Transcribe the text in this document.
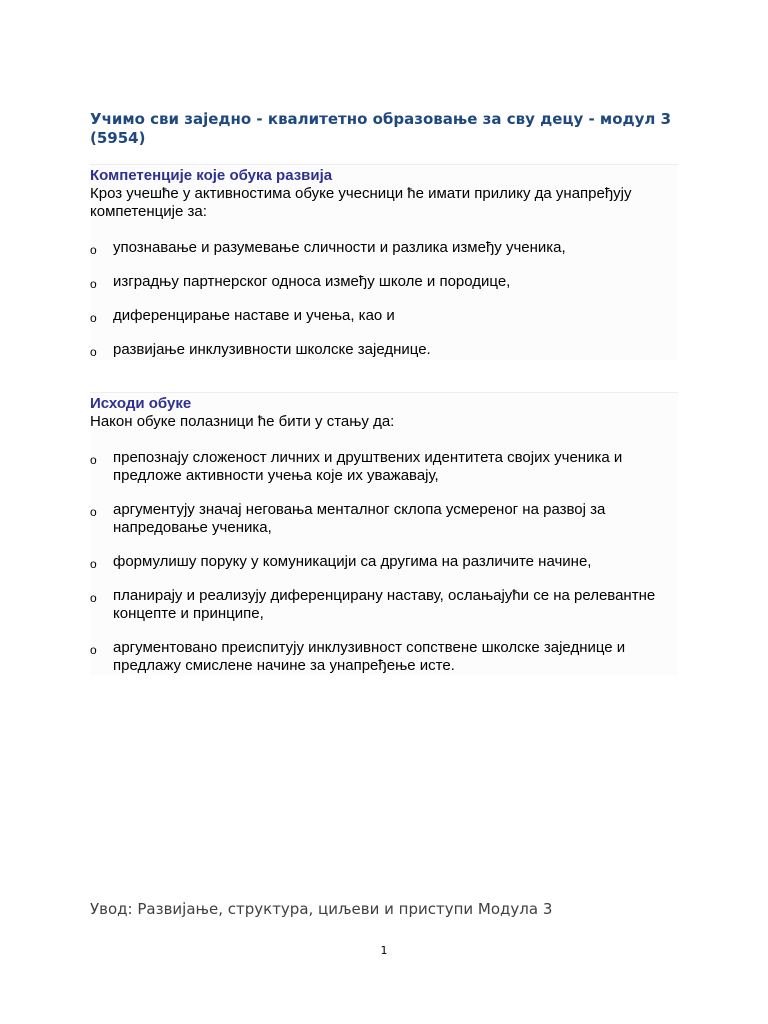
Учимо сви заједно - квалитетно образовање за сву децу - модул 3 (5954)
Компетенције које обука развија

Кроз учешће у активностима обуке учесници ће имати прилику да унапређују компетенције за:

o упознавање и разумевање сличности и разлика између ученика,
o изградњу партнерског односа између школе и породице,
o диференцирање наставе и учења, као и
o развијање инклузивности школске заједнице.
Исходи обуке

Након обуке полазници ће бити у стању да:

o препознају сложеност личних и друштвених идентитета својих ученика и предложе активности учења које их уважавају,
o аргументују значај неговања менталног склопа усмереног на развој за напредовање ученика,
o формулишу поруку у комуникацији са другима на различите начине,
o планирају и реализују диференцирану наставу, ослањајући се на релевантне концепте и принципе,
o аргументовано преиспитују инклузивност сопствене школске заједнице и предлажу смислене начине за унапређење исте.

Увод: Развијање, структура, циљеви и приступи Модула 3

1
